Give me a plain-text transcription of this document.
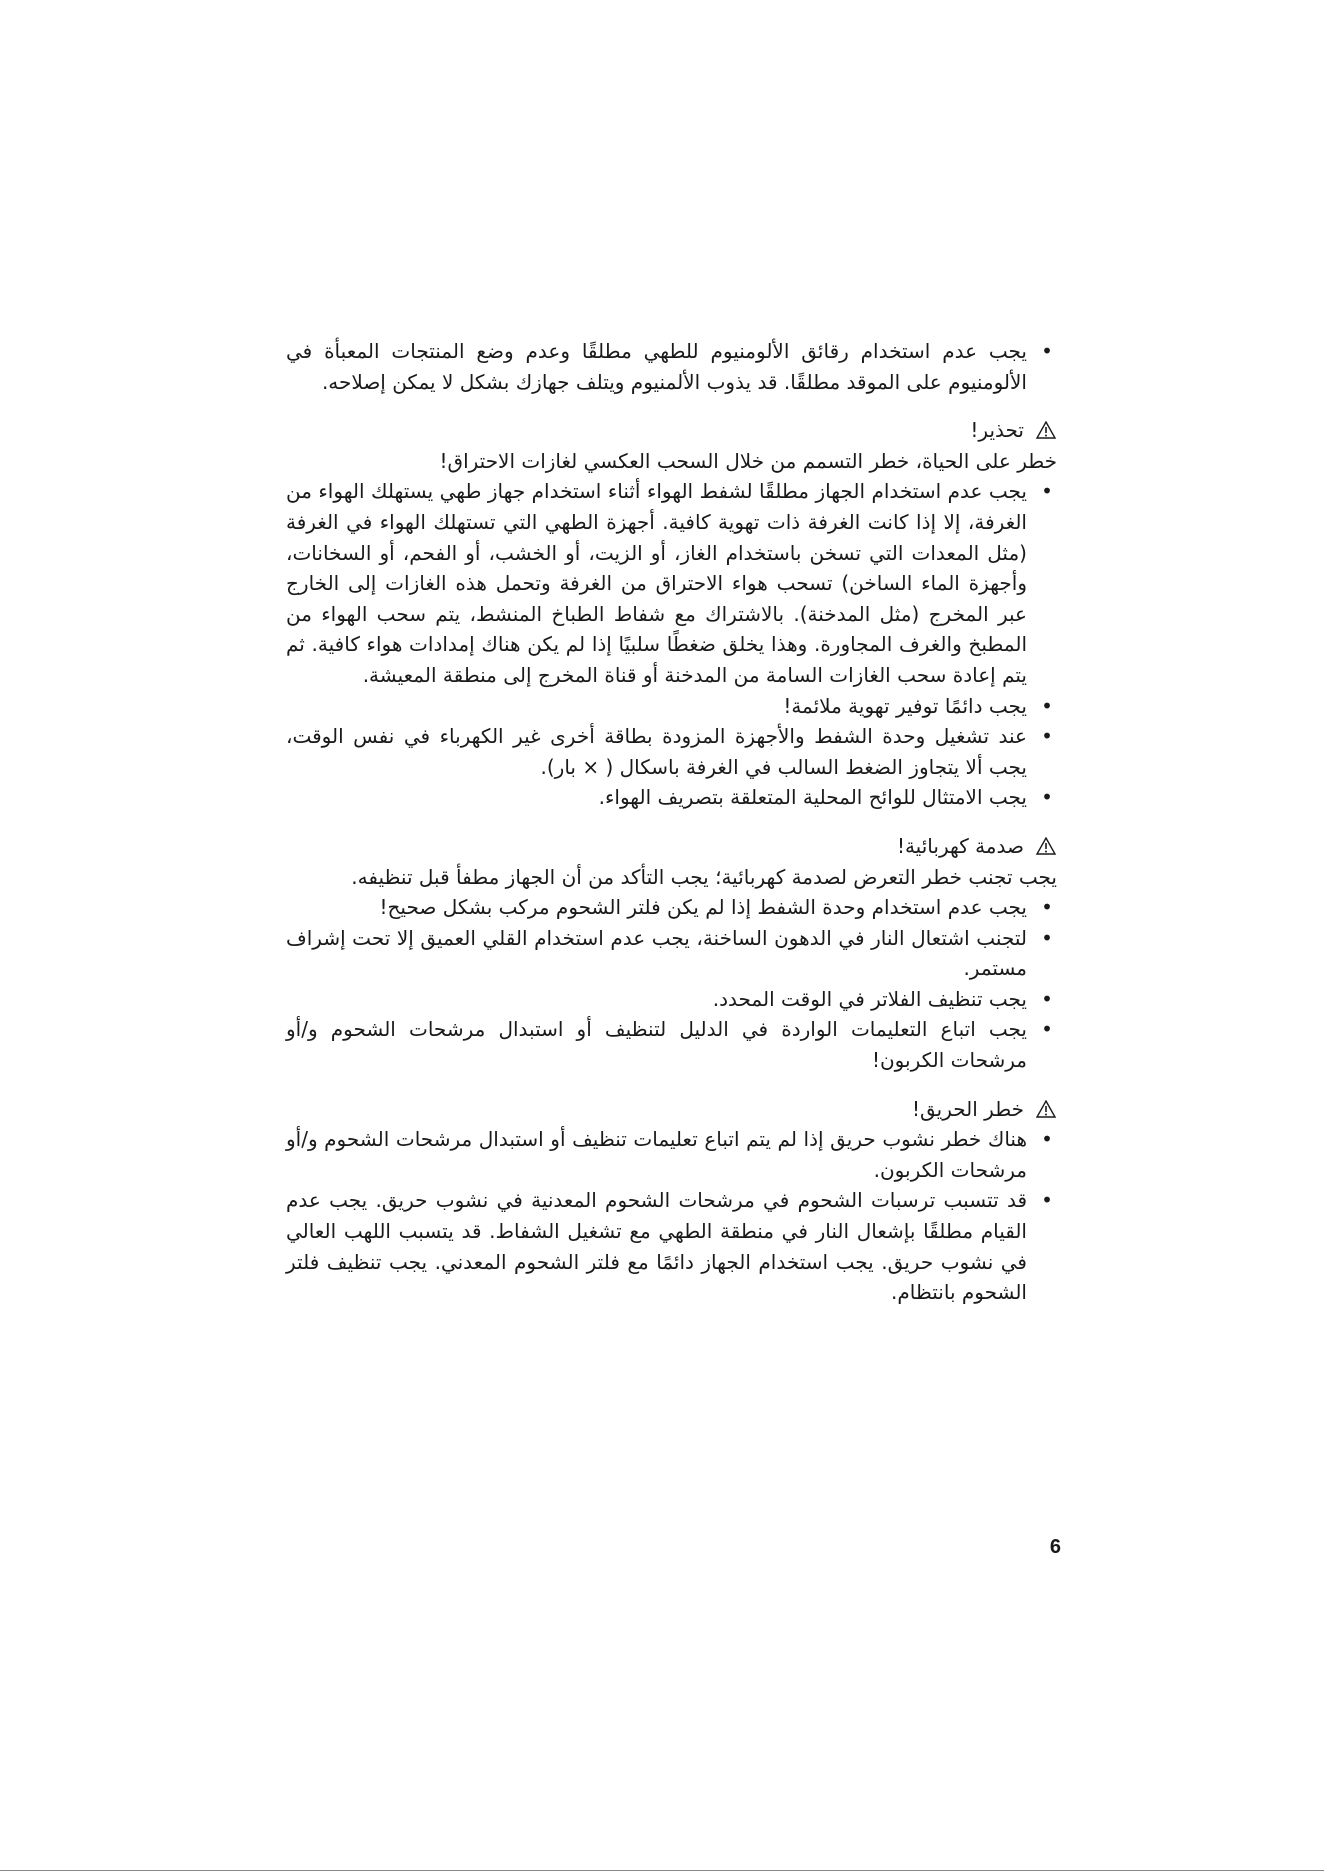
• يجب عدم استخدام رقائق الألومنيوم للطهي مطلقًا وعدم وضع المنتجات المعبأة في الألومنيوم على الموقد مطلقًا. قد يذوب الألمنيوم ويتلف جهازك بشكل لا يمكن إصلاحه.

تحذير!

خطر على الحياة، خطر التسمم من خلال السحب العكسي لغازات الاحتراق!

• يجب عدم استخدام الجهاز مطلقًا لشفط الهواء أثناء استخدام جهاز طهي يستهلك الهواء من الغرفة، إلا إذا كانت الغرفة ذات تهوية كافية. أجهزة الطهي التي تستهلك الهواء في الغرفة (مثل المعدات التي تسخن باستخدام الغاز، أو الزيت، أو الخشب، أو الفحم، أو السخانات، وأجهزة الماء الساخن) تسحب هواء الاحتراق من الغرفة وتحمل هذه الغازات إلى الخارج عبر المخرج (مثل المدخنة). بالاشتراك مع شفاط الطباخ المنشط، يتم سحب الهواء من المطبخ والغرف المجاورة. وهذا يخلق ضغطًا سلبيًا إذا لم يكن هناك إمدادات هواء كافية. ثم يتم إعادة سحب الغازات السامة من المدخنة أو قناة المخرج إلى منطقة المعيشة.
• يجب دائمًا توفير تهوية ملائمة!
• عند تشغيل وحدة الشفط والأجهزة المزودة بطاقة أخرى غير الكهرباء في نفس الوقت، يجب ألا يتجاوز الضغط السالب في الغرفة باسكال ( × بار).
• يجب الامتثال للوائح المحلية المتعلقة بتصريف الهواء.

صدمة كهربائية!

يجب تجنب خطر التعرض لصدمة كهربائية؛ يجب التأكد من أن الجهاز مطفأ قبل تنظيفه.

• يجب عدم استخدام وحدة الشفط إذا لم يكن فلتر الشحوم مركب بشكل صحيح!
• لتجنب اشتعال النار في الدهون الساخنة، يجب عدم استخدام القلي العميق إلا تحت إشراف مستمر.
• يجب تنظيف الفلاتر في الوقت المحدد.
• يجب اتباع التعليمات الواردة في الدليل لتنظيف أو استبدال مرشحات الشحوم و/أو مرشحات الكربون!

خطر الحريق!

• هناك خطر نشوب حريق إذا لم يتم اتباع تعليمات تنظيف أو استبدال مرشحات الشحوم و/أو مرشحات الكربون.
• قد تتسبب ترسبات الشحوم في مرشحات الشحوم المعدنية في نشوب حريق. يجب عدم القيام مطلقًا بإشعال النار في منطقة الطهي مع تشغيل الشفاط. قد يتسبب اللهب العالي في نشوب حريق. يجب استخدام الجهاز دائمًا مع فلتر الشحوم المعدني. يجب تنظيف فلتر الشحوم بانتظام.
6
